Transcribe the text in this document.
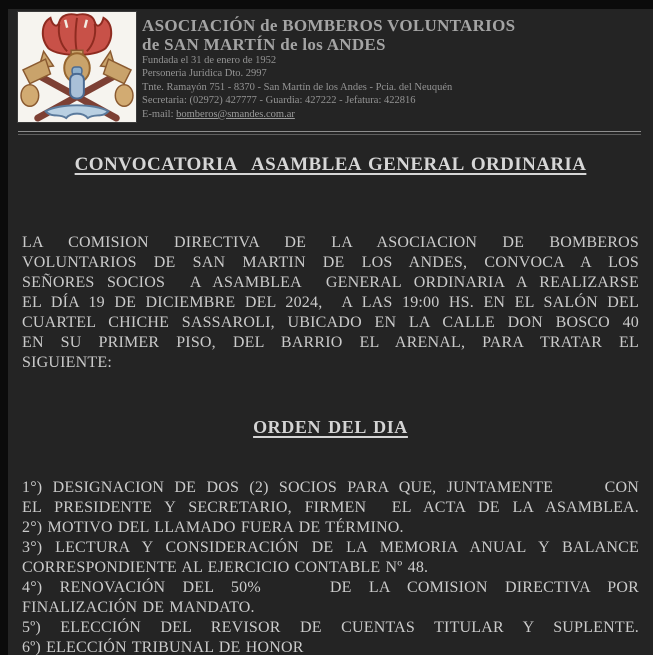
ASOCIACIÓN de BOMBEROS VOLUNTARIOS
de SAN MARTÍN de los ANDES
Fundada el 31 de enero de 1952
Personeria Juridica Dto. 2997
Tnte. Ramayón 751 - 8370 - San Martín de los Andes - Pcia. del Neuquén
Secretaria: (02972) 427777 - Guardia: 427222 - Jefatura: 422816
E-mail: bomberos@smandes.com.ar
CONVOCATORIA  ASAMBLEA GENERAL ORDINARIA
LA COMISION DIRECTIVA DE LA ASOCIACION DE BOMBEROS
VOLUNTARIOS DE SAN MARTIN DE LOS ANDES, CONVOCA A LOS
SEÑORES SOCIOS  A ASAMBLEA  GENERAL ORDINARIA A REALIZARSE
EL DÍA 19 DE DICIEMBRE DEL 2024,  A LAS 19:00 HS. EN EL SALÓN DEL
CUARTEL CHICHE SASSAROLI, UBICADO EN LA CALLE DON BOSCO 40
EN SU PRIMER PISO, DEL BARRIO EL ARENAL, PARA TRATAR EL
SIGUIENTE:
ORDEN DEL DIA
1°) DESIGNACION DE DOS (2) SOCIOS PARA QUE, JUNTAMENTE     CON
EL PRESIDENTE Y SECRETARIO, FIRMEN  EL ACTA DE LA ASAMBLEA.
2°) MOTIVO DEL LLAMADO FUERA DE TÉRMINO.
3°) LECTURA Y CONSIDERACIÓN DE LA MEMORIA ANUAL Y BALANCE
CORRESPONDIENTE AL EJERCICIO CONTABLE Nº 48.
4°) RENOVACIÓN DEL 50%    DE LA COMISION DIRECTIVA POR
FINALIZACIÓN DE MANDATO.
5º) ELECCIÓN DEL REVISOR DE CUENTAS TITULAR Y SUPLENTE.
6º) ELECCIÓN TRIBUNAL DE HONOR
